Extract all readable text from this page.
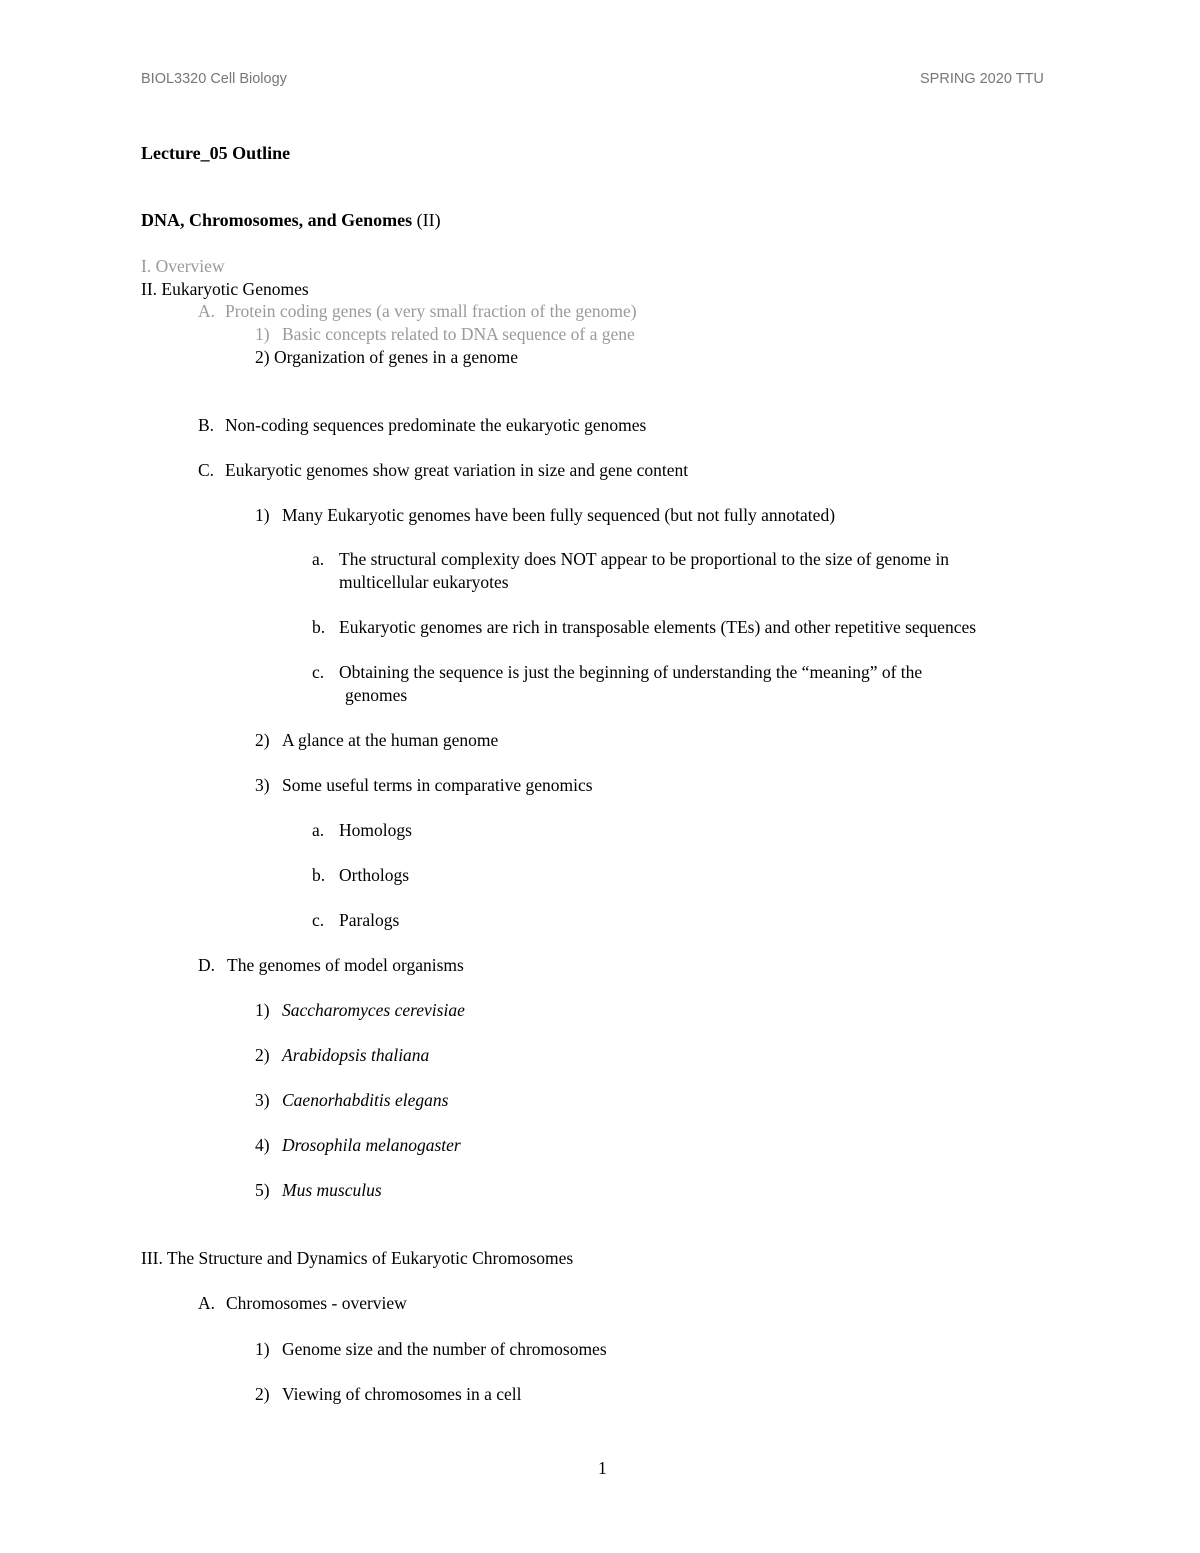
BIOL3320 Cell Biology	SPRING 2020 TTU
Lecture_05 Outline
DNA, Chromosomes, and Genomes (II)
I. Overview
II. Eukaryotic Genomes
A. Protein coding genes (a very small fraction of the genome)
1) Basic concepts related to DNA sequence of a gene
2) Organization of genes in a genome
B. Non-coding sequences predominate the eukaryotic genomes
C. Eukaryotic genomes show great variation in size and gene content
1) Many Eukaryotic genomes have been fully sequenced (but not fully annotated)
a. The structural complexity does NOT appear to be proportional to the size of genome in
multicellular eukaryotes
b. Eukaryotic genomes are rich in transposable elements (TEs) and other repetitive sequences
c. Obtaining the sequence is just the beginning of understanding the “meaning” of the
genomes
2) A glance at the human genome
3) Some useful terms in comparative genomics
a. Homologs
b. Orthologs
c. Paralogs
D. The genomes of model organisms
1) Saccharomyces cerevisiae
2) Arabidopsis thaliana
3) Caenorhabditis elegans
4) Drosophila melanogaster
5) Mus musculus
III. The Structure and Dynamics of Eukaryotic Chromosomes
A. Chromosomes - overview
1) Genome size and the number of chromosomes
2) Viewing of chromosomes in a cell
1
